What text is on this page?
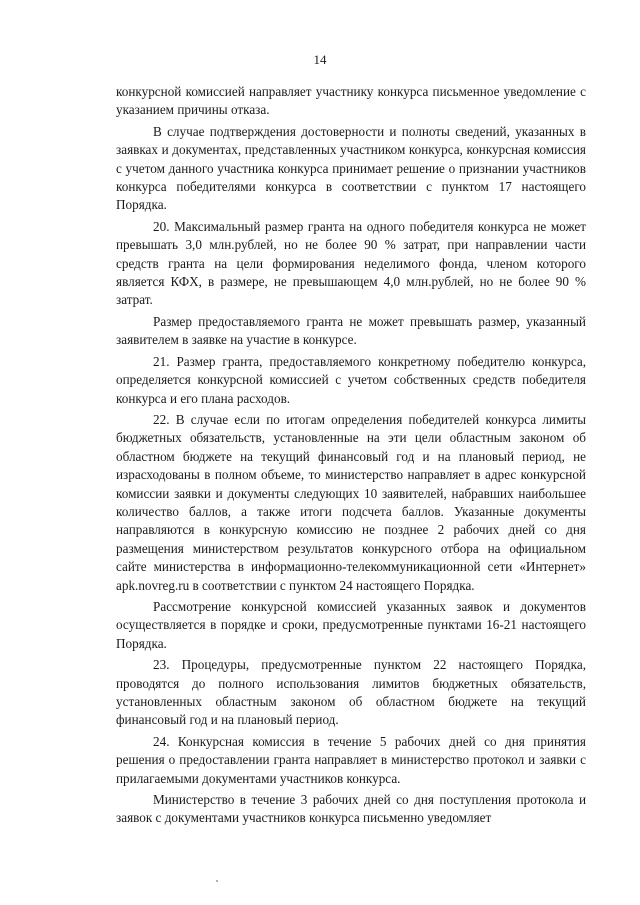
14

конкурсной комиссией направляет участнику конкурса письменное уведомление с указанием причины отказа.

В случае подтверждения достоверности и полноты сведений, указанных в заявках и документах, представленных участником конкурса, конкурсная комиссия с учетом данного участника конкурса принимает решение о признании участников конкурса победителями конкурса в соответствии с пунктом 17 настоящего Порядка.

20. Максимальный размер гранта на одного победителя конкурса не может превышать 3,0 млн.рублей, но не более 90 % затрат, при направлении части средств гранта на цели формирования неделимого фонда, членом которого является КФХ, в размере, не превышающем 4,0 млн.рублей, но не более 90 % затрат.

Размер предоставляемого гранта не может превышать размер, указанный заявителем в заявке на участие в конкурсе.

21. Размер гранта, предоставляемого конкретному победителю конкурса, определяется конкурсной комиссией с учетом собственных средств победителя конкурса и его плана расходов.

22. В случае если по итогам определения победителей конкурса лимиты бюджетных обязательств, установленные на эти цели областным законом об областном бюджете на текущий финансовый год и на плановый период, не израсходованы в полном объеме, то министерство направляет в адрес конкурсной комиссии заявки и документы следующих 10 заявителей, набравших наибольшее количество баллов, а также итоги подсчета баллов. Указанные документы направляются в конкурсную комиссию не позднее 2 рабочих дней со дня размещения министерством результатов конкурсного отбора на официальном сайте министерства в информационно-телекоммуникационной сети «Интернет» apk.novreg.ru в соответствии с пунктом 24 настоящего Порядка.

Рассмотрение конкурсной комиссией указанных заявок и документов осуществляется в порядке и сроки, предусмотренные пунктами 16-21 настоящего Порядка.

23. Процедуры, предусмотренные пунктом 22 настоящего Порядка, проводятся до полного использования лимитов бюджетных обязательств, установленных областным законом об областном бюджете на текущий финансовый год и на плановый период.

24. Конкурсная комиссия в течение 5 рабочих дней со дня принятия решения о предоставлении гранта направляет в министерство протокол и заявки с прилагаемыми документами участников конкурса.

Министерство в течение 3 рабочих дней со дня поступления протокола и заявок с документами участников конкурса письменно уведомляет
